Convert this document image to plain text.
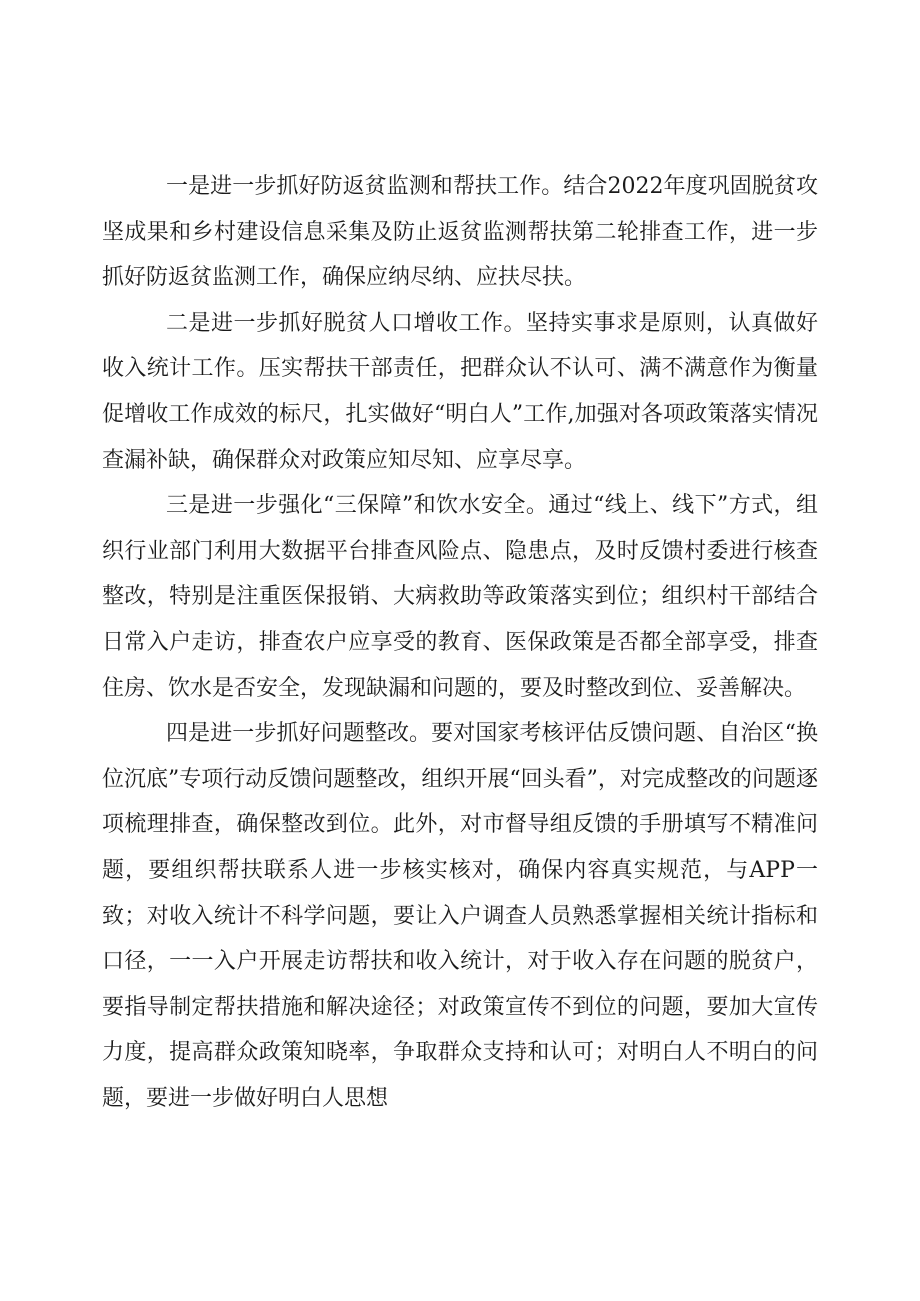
一是进一步抓好防返贫监测和帮扶工作。结合2022年度巩固脱贫攻坚成果和乡村建设信息采集及防止返贫监测帮扶第二轮排查工作，进一步抓好防返贫监测工作，确保应纳尽纳、应扶尽扶。

二是进一步抓好脱贫人口增收工作。坚持实事求是原则，认真做好收入统计工作。压实帮扶干部责任，把群众认不认可、满不满意作为衡量促增收工作成效的标尺，扎实做好“明白人”工作,加强对各项政策落实情况查漏补缺，确保群众对政策应知尽知、应享尽享。

三是进一步强化“三保障”和饮水安全。通过“线上、线下”方式，组织行业部门利用大数据平台排查风险点、隐患点，及时反馈村委进行核查整改，特别是注重医保报销、大病救助等政策落实到位；组织村干部结合日常入户走访，排查农户应享受的教育、医保政策是否都全部享受，排查住房、饮水是否安全，发现缺漏和问题的，要及时整改到位、妥善解决。

四是进一步抓好问题整改。要对国家考核评估反馈问题、自治区“换位沉底”专项行动反馈问题整改，组织开展“回头看”，对完成整改的问题逐项梳理排查，确保整改到位。此外，对市督导组反馈的手册填写不精准问题，要组织帮扶联系人进一步核实核对，确保内容真实规范，与APP一致；对收入统计不科学问题，要让入户调查人员熟悉掌握相关统计指标和口径，一一入户开展走访帮扶和收入统计，对于收入存在问题的脱贫户，要指导制定帮扶措施和解决途径；对政策宣传不到位的问题，要加大宣传力度，提高群众政策知晓率，争取群众支持和认可；对明白人不明白的问题，要进一步做好明白人思想
